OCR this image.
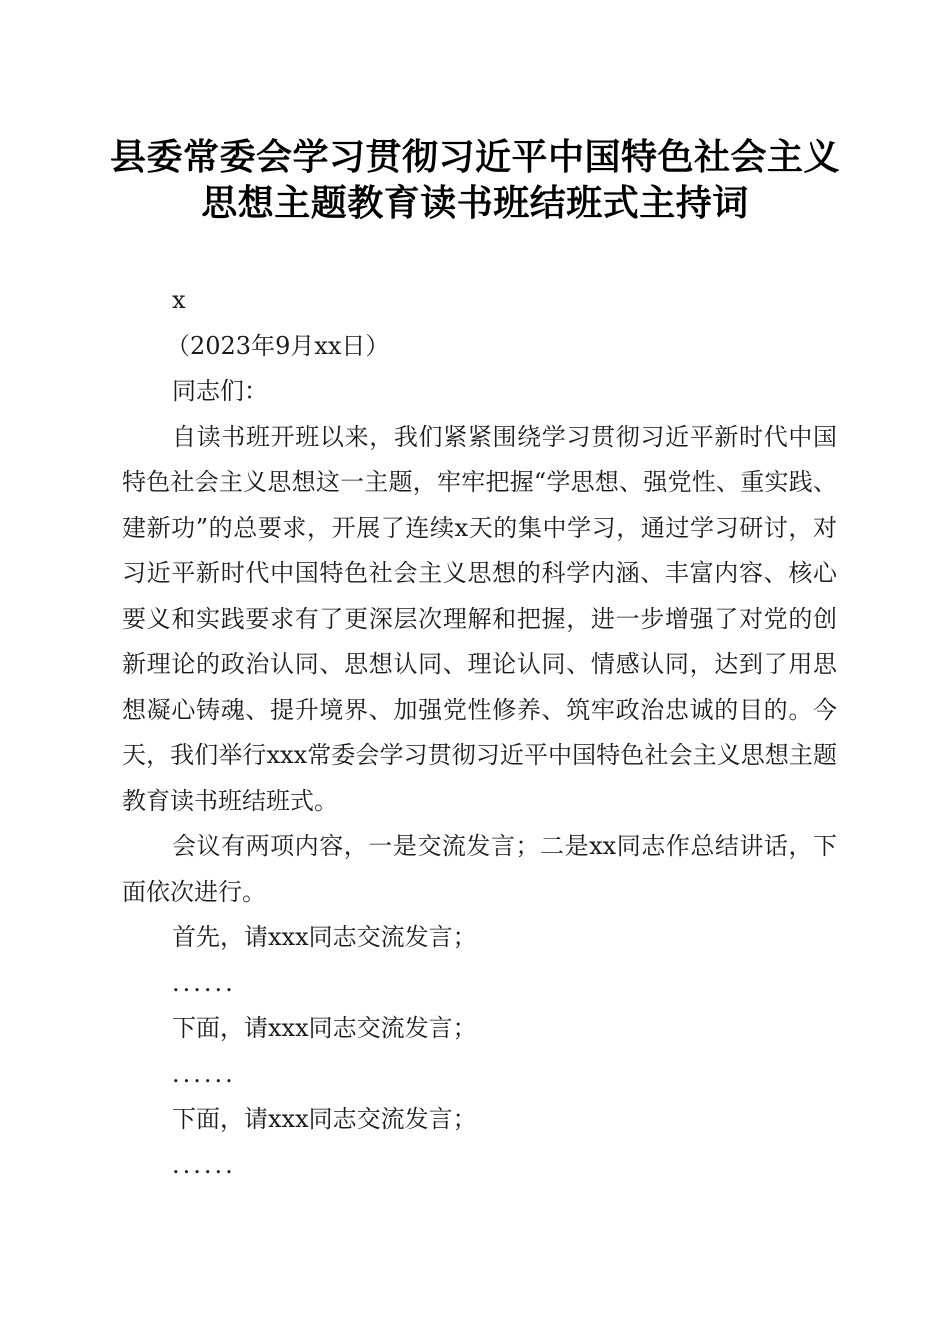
县委常委会学习贯彻习近平中国特色社会主义
思想主题教育读书班结班式主持词

x

（2023年9月xx日）

同志们：

自读书班开班以来，我们紧紧围绕学习贯彻习近平新时代中国特色社会主义思想这一主题，牢牢把握“学思想、强党性、重实践、建新功”的总要求，开展了连续x天的集中学习，通过学习研讨，对习近平新时代中国特色社会主义思想的科学内涵、丰富内容、核心要义和实践要求有了更深层次理解和把握，进一步增强了对党的创新理论的政治认同、思想认同、理论认同、情感认同，达到了用思想凝心铸魂、提升境界、加强党性修养、筑牢政治忠诚的目的。今天，我们举行xxx常委会学习贯彻习近平中国特色社会主义思想主题教育读书班结班式。

会议有两项内容，一是交流发言；二是xx同志作总结讲话，下面依次进行。

首先，请xxx同志交流发言；

......

下面，请xxx同志交流发言；

......

下面，请xxx同志交流发言；

......
